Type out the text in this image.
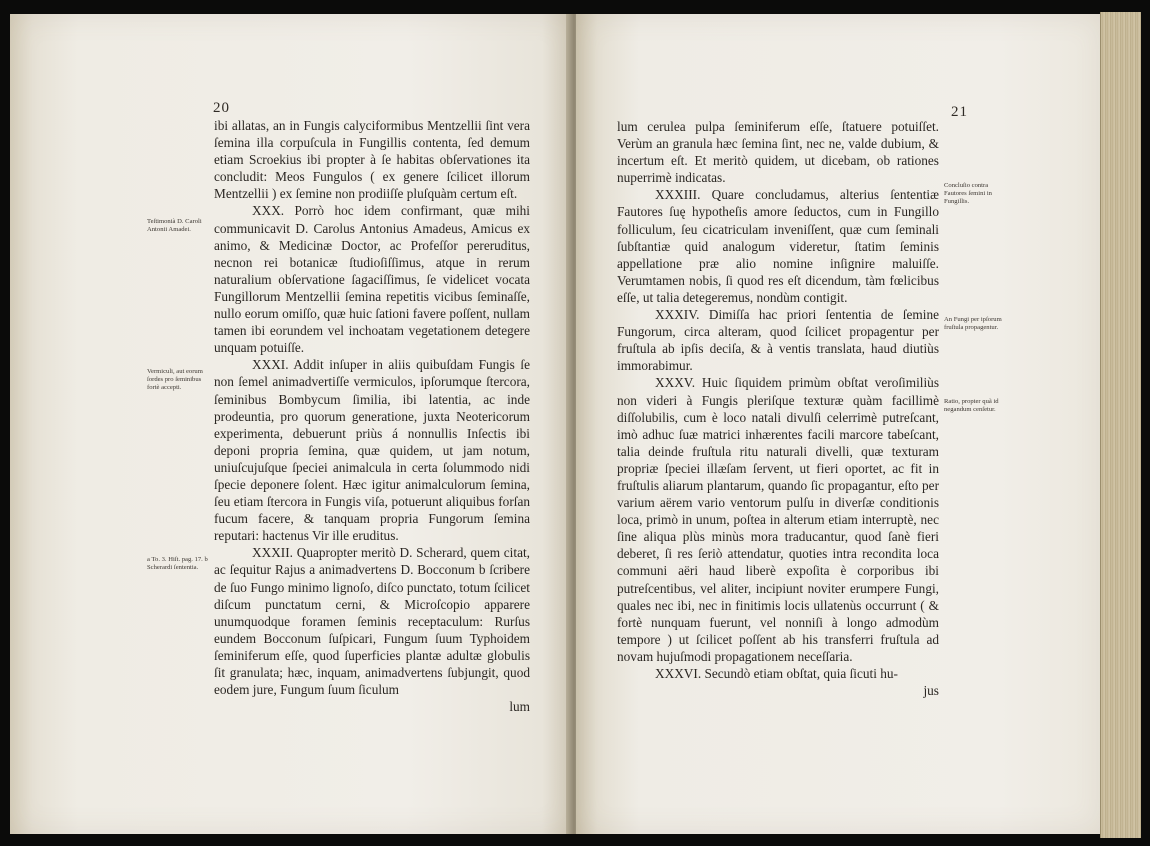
20

ibi allatas, an in Fungis calyciformibus Mentzellii ſint vera ſemina illa corpuſcula in Fungillis contenta, ſed demum etiam Scroekius ibi propter à ſe habitas obſervationes ita concludit: Meos Fungulos ( ex genere ſcilicet illorum Mentzellii ) ex ſemine non prodiiſſe pluſquàm certum eſt.

XXX. Porrò hoc idem confirmant, quæ mihi communicavit D. Carolus Antonius Amadeus, Amicus ex animo, & Medicinæ Doctor, ac Profeſſor pereruditus, necnon rei botanicæ ſtudioſiſſimus, atque in rerum naturalium obſervatione ſagaciſſimus, ſe videlicet vocata Fungillorum Mentzellii ſemina repetitis vicibus ſeminaſſe, nullo eorum omiſſo, quæ huic ſationi favere poſſent, nullam tamen ibi eorundem vel inchoatam vegetationem detegere unquam potuiſſe.

XXXI. Addit inſuper in aliis quibuſdam Fungis ſe non ſemel animadvertiſſe vermiculos, ipſorumque ſtercora, ſeminibus Bombycum ſimilia, ibi latentia, ac inde prodeuntia, pro quorum generatione, juxta Neotericorum experimenta, debuerunt priùs á nonnullis Inſectis ibi deponi propria ſemina, quæ quidem, ut jam notum, uniuſcujuſque ſpeciei animalcula in certa ſolummodo nidi ſpecie deponere ſolent. Hæc igitur animalculorum ſemina, ſeu etiam ſtercora in Fungis viſa, potuerunt aliquibus forſan fucum facere, & tanquam propria Fungorum ſemina reputari: hactenus Vir ille eruditus.

XXXII. Quapropter meritò D. Scherard, quem citat, ac ſequitur Rajus a animadvertens D. Bocconum b ſcribere de ſuo Fungo minimo lignoſo, diſco punctato, totum ſcilicet diſcum punctatum cerni, & Microſcopio apparere unumquodque foramen ſeminis receptaculum: Rurſus eundem Bocconum ſuſpicari, Fungum ſuum Typhoidem ſeminiferum eſſe, quod ſuperficies plantæ adultæ globulis ſit granulata; hæc, inquam, animadvertens ſubjungit, quod eodem jure, Fungum ſuum ſiculum

lum
Teſtimonià D. Caroli Antonii Amadei.
Vermiculi, aut eorum ſordes pro ſeminibus fortè accepti.
a To. 3. Hiſt. pag. 17. b Scherardi ſententia.
21

lum cerulea pulpa ſeminiferum eſſe, ſtatuere potuiſſet. Verùm an granula hæc ſemina ſint, nec ne, valde dubium, & incertum eſt. Et meritò quidem, ut dicebam, ob rationes nuperrimè indicatas.

XXXIII. Quare concludamus, alterius ſententiæ Fautores ſuę hypotheſis amore ſeductos, cum in Fungillo folliculum, ſeu cicatriculam inveniſſent, quæ cum ſeminali ſubſtantiæ quid analogum videretur, ſtatim ſeminis appellatione præ alio nomine inſignire maluiſſe. Verumtamen nobis, ſi quod res eſt dicendum, tàm fœlicibus eſſe, ut talia detegeremus, nondùm contigit.

XXXIV. Dimiſſa hac priori ſententia de ſemine Fungorum, circa alteram, quod ſcilicet propagentur per fruſtula ab ipſis deciſa, & à ventis translata, haud diutiùs immorabimur.

XXXV. Huic ſiquidem primùm obſtat veroſimiliùs non videri à Fungis pleriſque texturæ quàm facillimè diſſolubilis, cum è loco natali divulſi celerrimè putreſcant, imò adhuc ſuæ matrici inhærentes facili marcore tabeſcant, talia deinde fruſtula ritu naturali divelli, quæ texturam propriæ ſpeciei illæſam ſervent, ut fieri oportet, ac fit in fruſtulis aliarum plantarum, quando ſic propagantur, eſto per varium aërem vario ventorum pulſu in diverſæ conditionis loca, primò in unum, poſtea in alterum etiam interruptè, nec ſine aliqua plùs minùs mora traducantur, quod ſanè fieri deberet, ſi res ſeriò attendatur, quoties intra recondita loca communi aëri haud liberè expoſita è corporibus ibi putreſcentibus, vel aliter, incipiunt noviter erumpere Fungi, quales nec ibi, nec in finitimis locis ullatenùs occurrunt ( & fortè nunquam fuerunt, vel nonniſi à longo admodùm tempore ) ut ſcilicet poſſent ab his transferri fruſtula ad novam hujuſmodi propagationem neceſſaria.

XXXVI. Secundò etiam obſtat, quia ſicuti hu-

jus
Concluſio contra Fautores ſemini in Fungillis.
An Fungi per ipſorum fruſtula propagentur.
Ratio, propter quã id negandum cenſetur.
